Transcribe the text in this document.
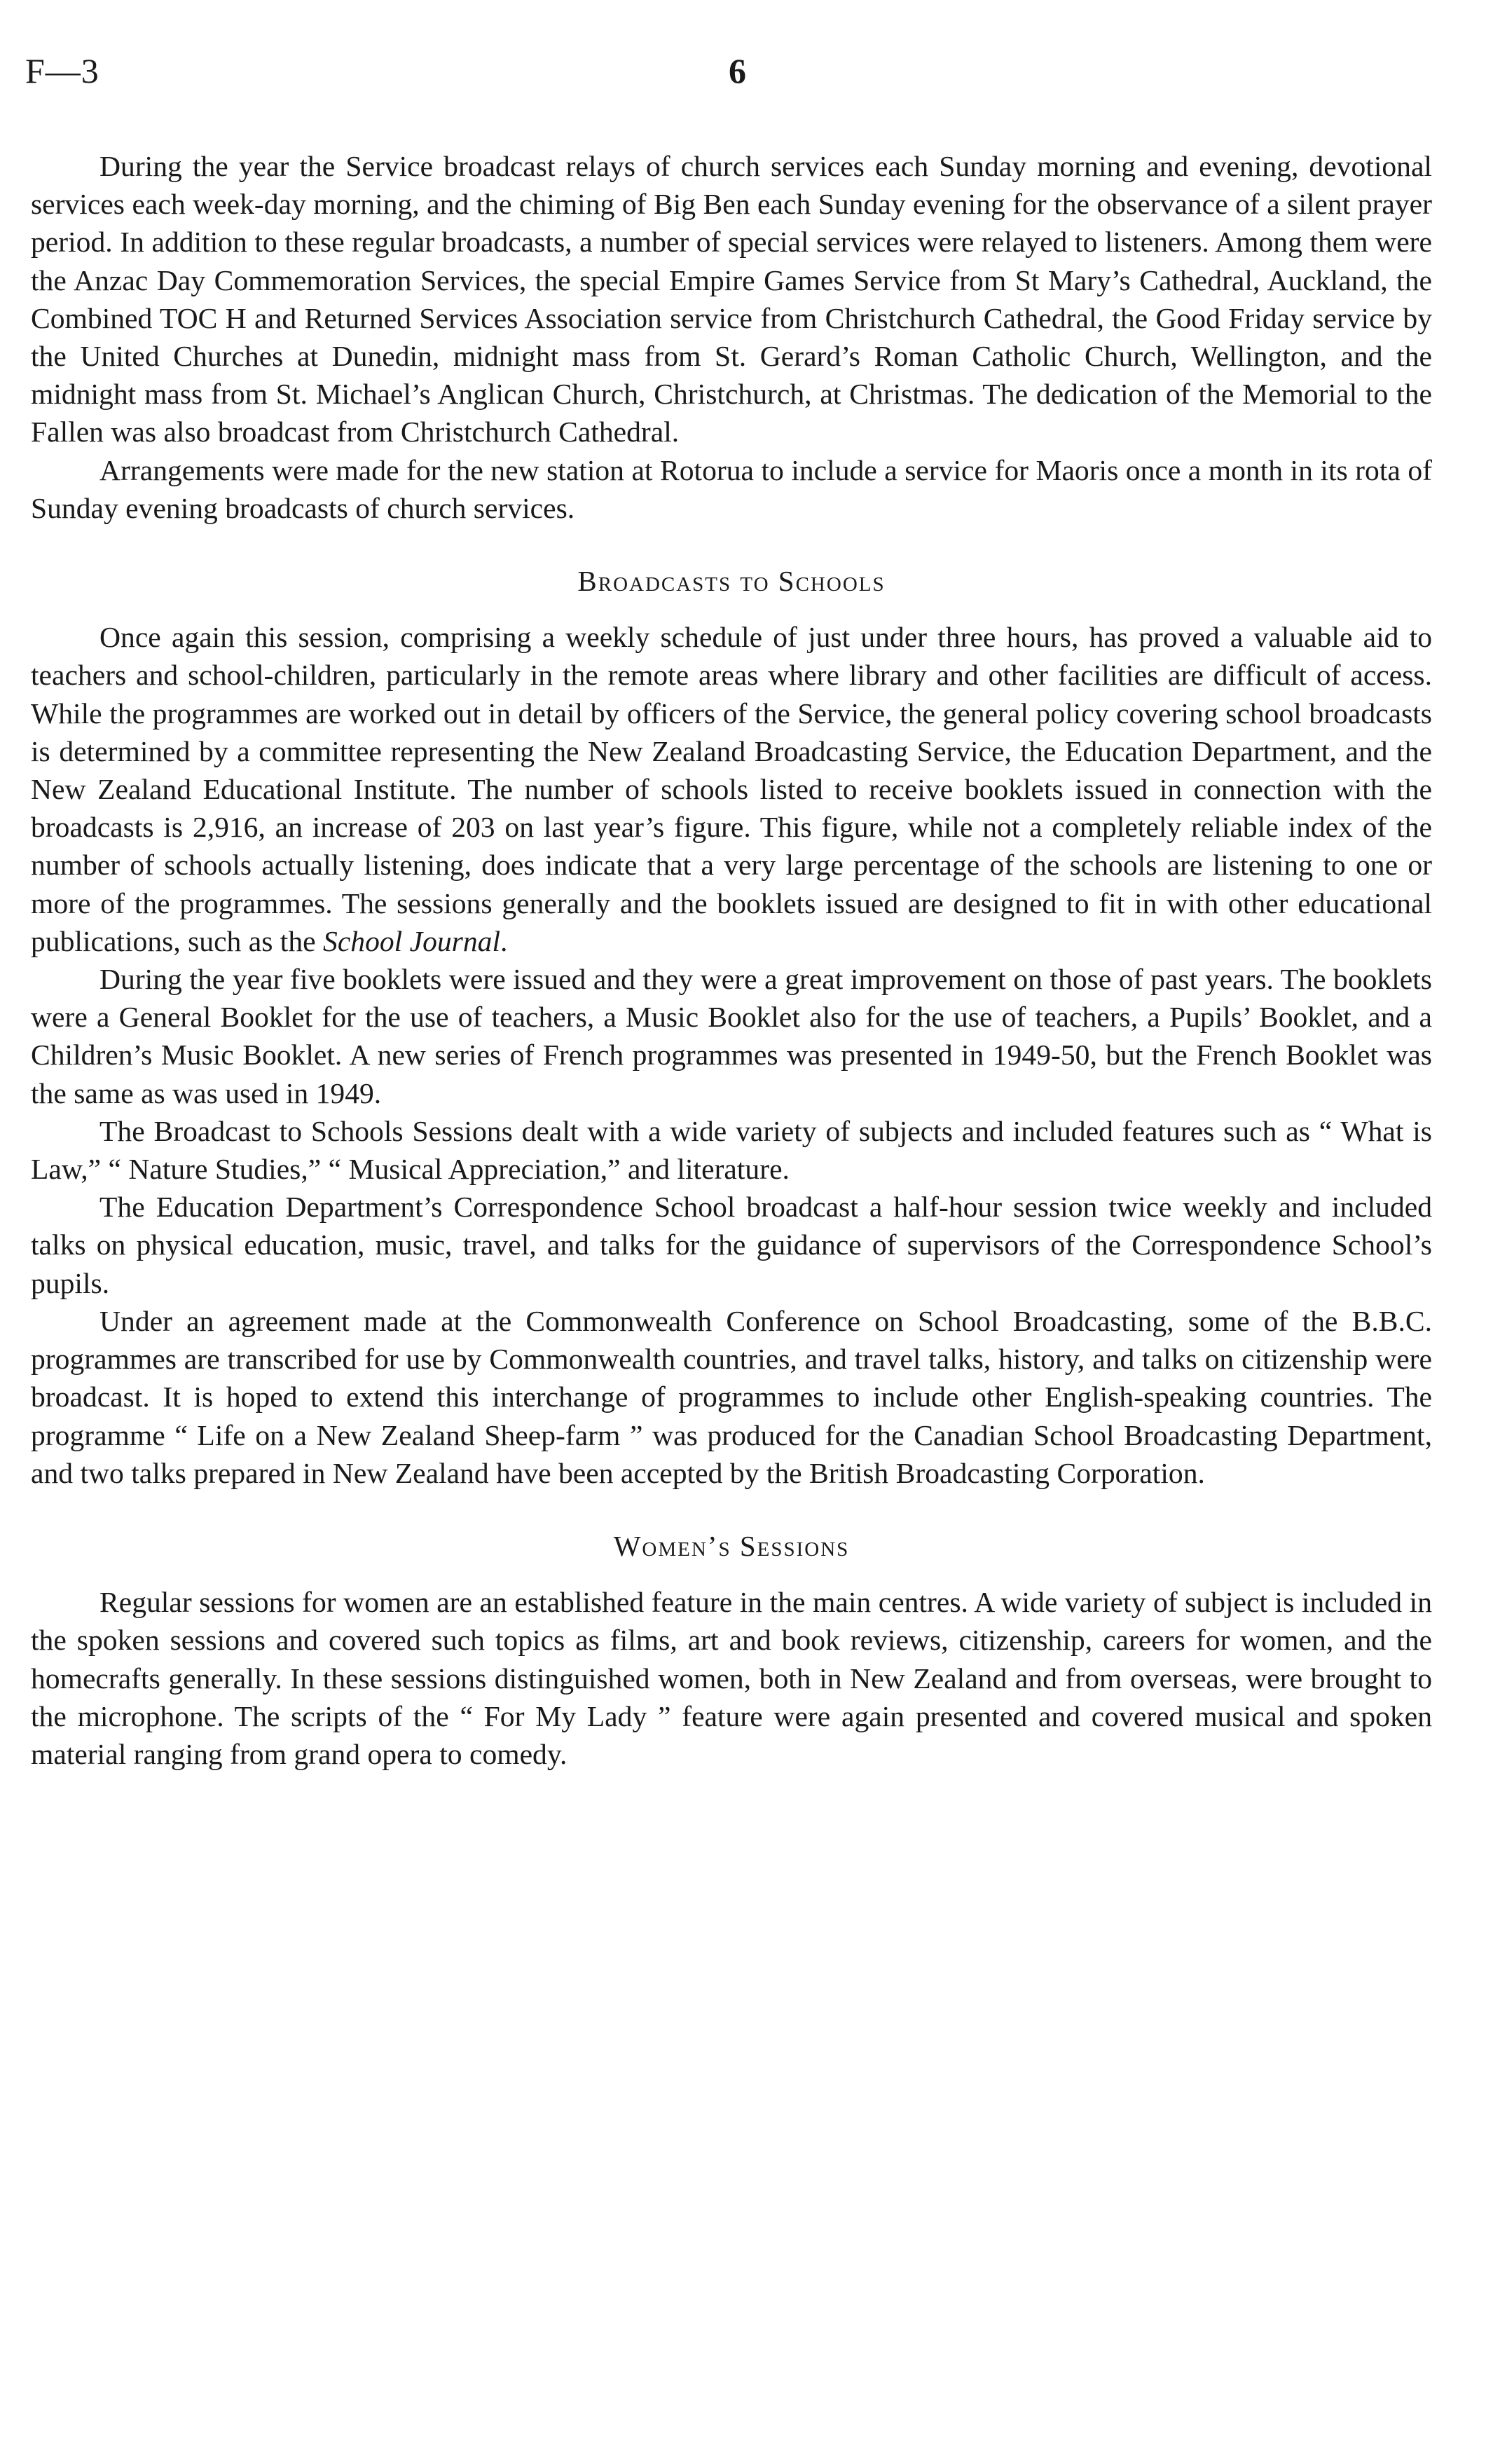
F—3	6

During the year the Service broadcast relays of church services each Sunday morning and evening, devotional services each week-day morning, and the chiming of Big Ben each Sunday evening for the observance of a silent prayer period. In addition to these regular broadcasts, a number of special services were relayed to listeners. Among them were the Anzac Day Commemoration Services, the special Empire Games Service from St Mary’s Cathedral, Auckland, the Combined TOC H and Returned Services Association service from Christchurch Cathedral, the Good Friday service by the United Churches at Dunedin, midnight mass from St. Gerard’s Roman Catholic Church, Wellington, and the midnight mass from St. Michael’s Anglican Church, Christchurch, at Christmas. The dedication of the Memorial to the Fallen was also broadcast from Christchurch Cathedral.

Arrangements were made for the new station at Rotorua to include a service for Maoris once a month in its rota of Sunday evening broadcasts of church services.

Broadcasts to Schools

Once again this session, comprising a weekly schedule of just under three hours, has proved a valuable aid to teachers and school-children, particularly in the remote areas where library and other facilities are difficult of access. While the programmes are worked out in detail by officers of the Service, the general policy covering school broadcasts is determined by a committee representing the New Zealand Broadcasting Service, the Education Department, and the New Zealand Educational Institute. The number of schools listed to receive booklets issued in connection with the broadcasts is 2,916, an increase of 203 on last year’s figure. This figure, while not a completely reliable index of the number of schools actually listening, does indicate that a very large percentage of the schools are listening to one or more of the programmes. The sessions generally and the booklets issued are designed to fit in with other educational publications, such as the School Journal.

During the year five booklets were issued and they were a great improvement on those of past years. The booklets were a General Booklet for the use of teachers, a Music Booklet also for the use of teachers, a Pupils’ Booklet, and a Children’s Music Booklet. A new series of French programmes was presented in 1949-50, but the French Booklet was the same as was used in 1949.

The Broadcast to Schools Sessions dealt with a wide variety of subjects and included features such as “ What is Law,” “ Nature Studies,” “ Musical Appreciation,” and literature.

The Education Department’s Correspondence School broadcast a half-hour session twice weekly and included talks on physical education, music, travel, and talks for the guidance of supervisors of the Correspondence School’s pupils.

Under an agreement made at the Commonwealth Conference on School Broadcasting, some of the B.B.C. programmes are transcribed for use by Commonwealth countries, and travel talks, history, and talks on citizenship were broadcast. It is hoped to extend this interchange of programmes to include other English-speaking countries. The programme “ Life on a New Zealand Sheep-farm ” was produced for the Canadian School Broadcasting Department, and two talks prepared in New Zealand have been accepted by the British Broadcasting Corporation.

Women’s Sessions

Regular sessions for women are an established feature in the main centres. A wide variety of subject is included in the spoken sessions and covered such topics as films, art and book reviews, citizenship, careers for women, and the homecrafts generally. In these sessions distinguished women, both in New Zealand and from overseas, were brought to the microphone. The scripts of the “ For My Lady ” feature were again presented and covered musical and spoken material ranging from grand opera to comedy.
